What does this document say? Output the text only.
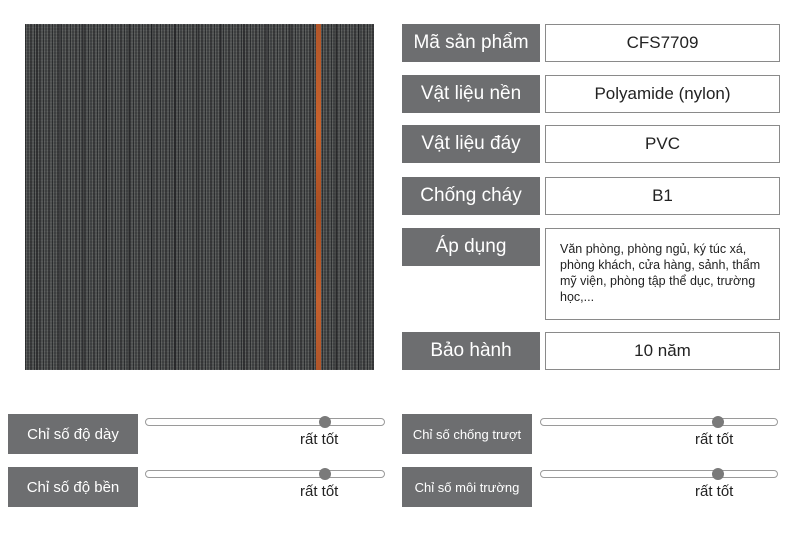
Mã sản phẩm	CFS7709
Vật liệu nền	Polyamide (nylon)
Vật liệu đáy	PVC
Chống cháy	B1
Áp dụng	Văn phòng, phòng ngủ, ký túc xá, phòng khách, cửa hàng, sảnh, thẩm mỹ viện, phòng tập thể dục, trường học,...
Bảo hành	10 năm
Chỉ số độ dày	rất tốt
Chỉ số độ bền	rất tốt
Chỉ số chống trượt	rất tốt
Chỉ số môi trường	rất tốt
